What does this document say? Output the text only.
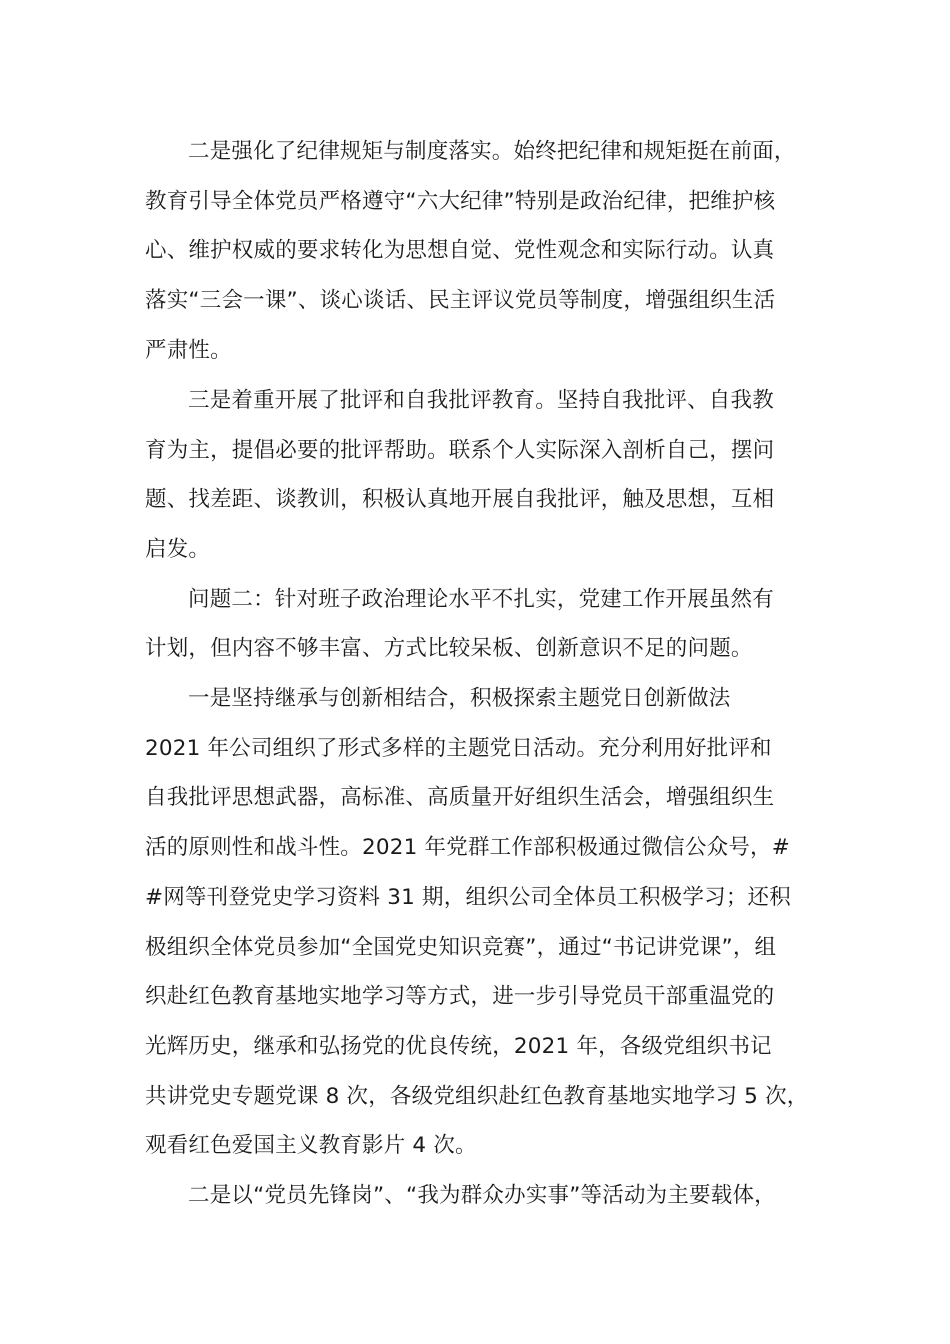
二是强化了纪律规矩与制度落实。始终把纪律和规矩挺在前面，
教育引导全体党员严格遵守“六大纪律”特别是政治纪律，把维护核
心、维护权威的要求转化为思想自觉、党性观念和实际行动。认真
落实“三会一课”、谈心谈话、民主评议党员等制度，增强组织生活
严肃性。
三是着重开展了批评和自我批评教育。坚持自我批评、自我教
育为主，提倡必要的批评帮助。联系个人实际深入剖析自己，摆问
题、找差距、谈教训，积极认真地开展自我批评，触及思想，互相
启发。
问题二：针对班子政治理论水平不扎实，党建工作开展虽然有
计划，但内容不够丰富、方式比较呆板、创新意识不足的问题。
一是坚持继承与创新相结合，积极探索主题党日创新做法
2021 年公司组织了形式多样的主题党日活动。充分利用好批评和
自我批评思想武器，高标准、高质量开好组织生活会，增强组织生
活的原则性和战斗性。2021 年党群工作部积极通过微信公众号，#
#网等刊登党史学习资料 31 期，组织公司全体员工积极学习；还积
极组织全体党员参加“全国党史知识竞赛”，通过“书记讲党课”，组
织赴红色教育基地实地学习等方式，进一步引导党员干部重温党的
光辉历史，继承和弘扬党的优良传统，2021 年，各级党组织书记
共讲党史专题党课 8 次，各级党组织赴红色教育基地实地学习 5 次，
观看红色爱国主义教育影片 4 次。
二是以“党员先锋岗”、“我为群众办实事”等活动为主要载体，
